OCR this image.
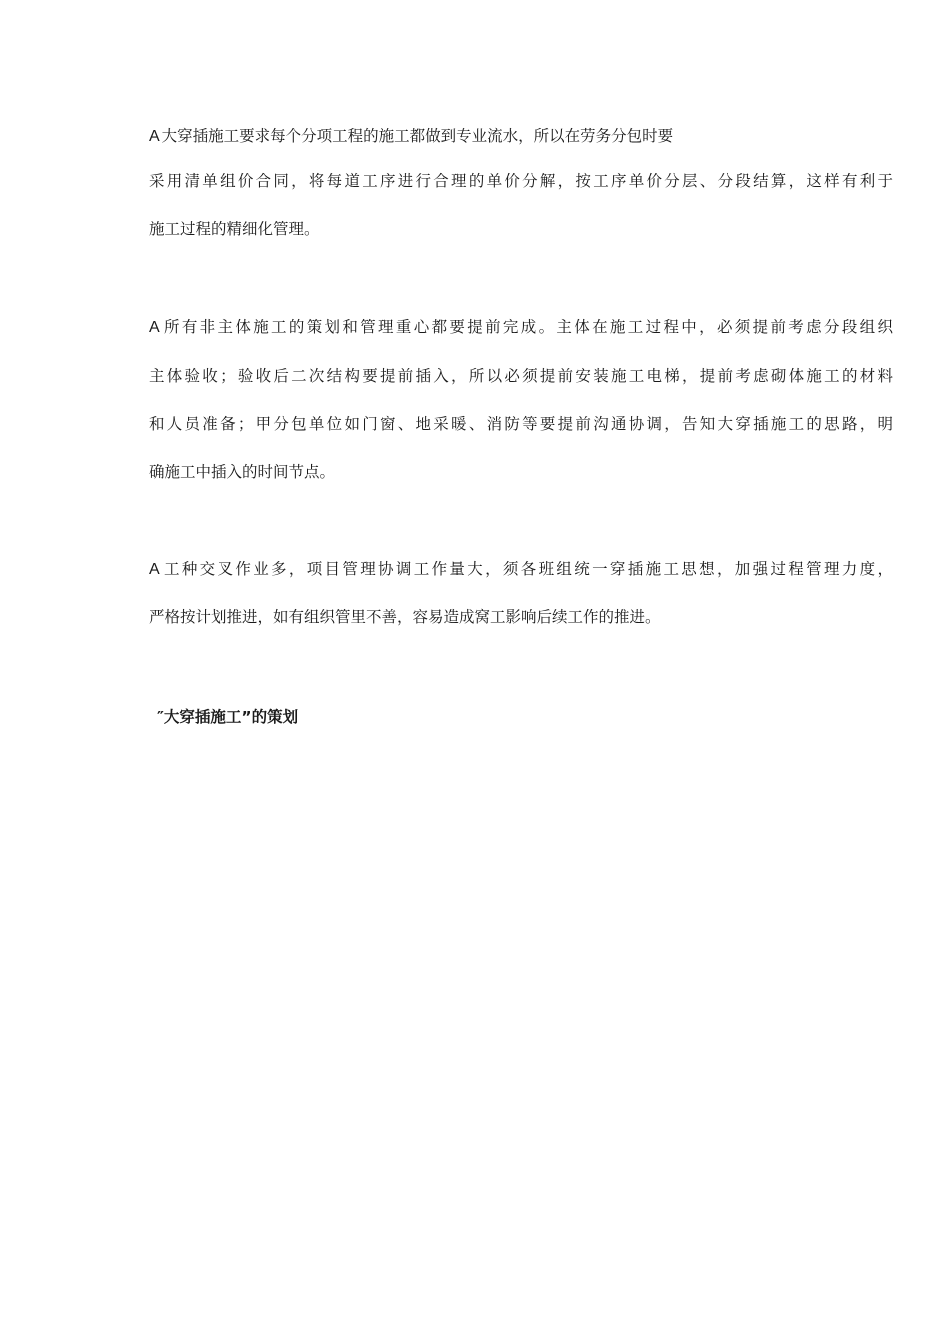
A 大穿插施工要求每个分项工程的施工都做到专业流水，所以在劳务分包时要
采用清单组价合同，将每道工序进行合理的单价分解，按工序单价分层、分段结算，这样有利于
施工过程的精细化管理。
A 所有非主体施工的策划和管理重心都要提前完成。主体在施工过程中，必须提前考虑分段组织
主体验收；验收后二次结构要提前插入，所以必须提前安装施工电梯，提前考虑砌体施工的材料
和人员准备；甲分包单位如门窗、地采暖、消防等要提前沟通协调，告知大穿插施工的思路，明
确施工中插入的时间节点。
A 工种交叉作业多，项目管理协调工作量大，须各班组统一穿插施工思想，加强过程管理力度，
严格按计划推进，如有组织管里不善，容易造成窝工影响后续工作的推进。
″大穿插施工”的策划
